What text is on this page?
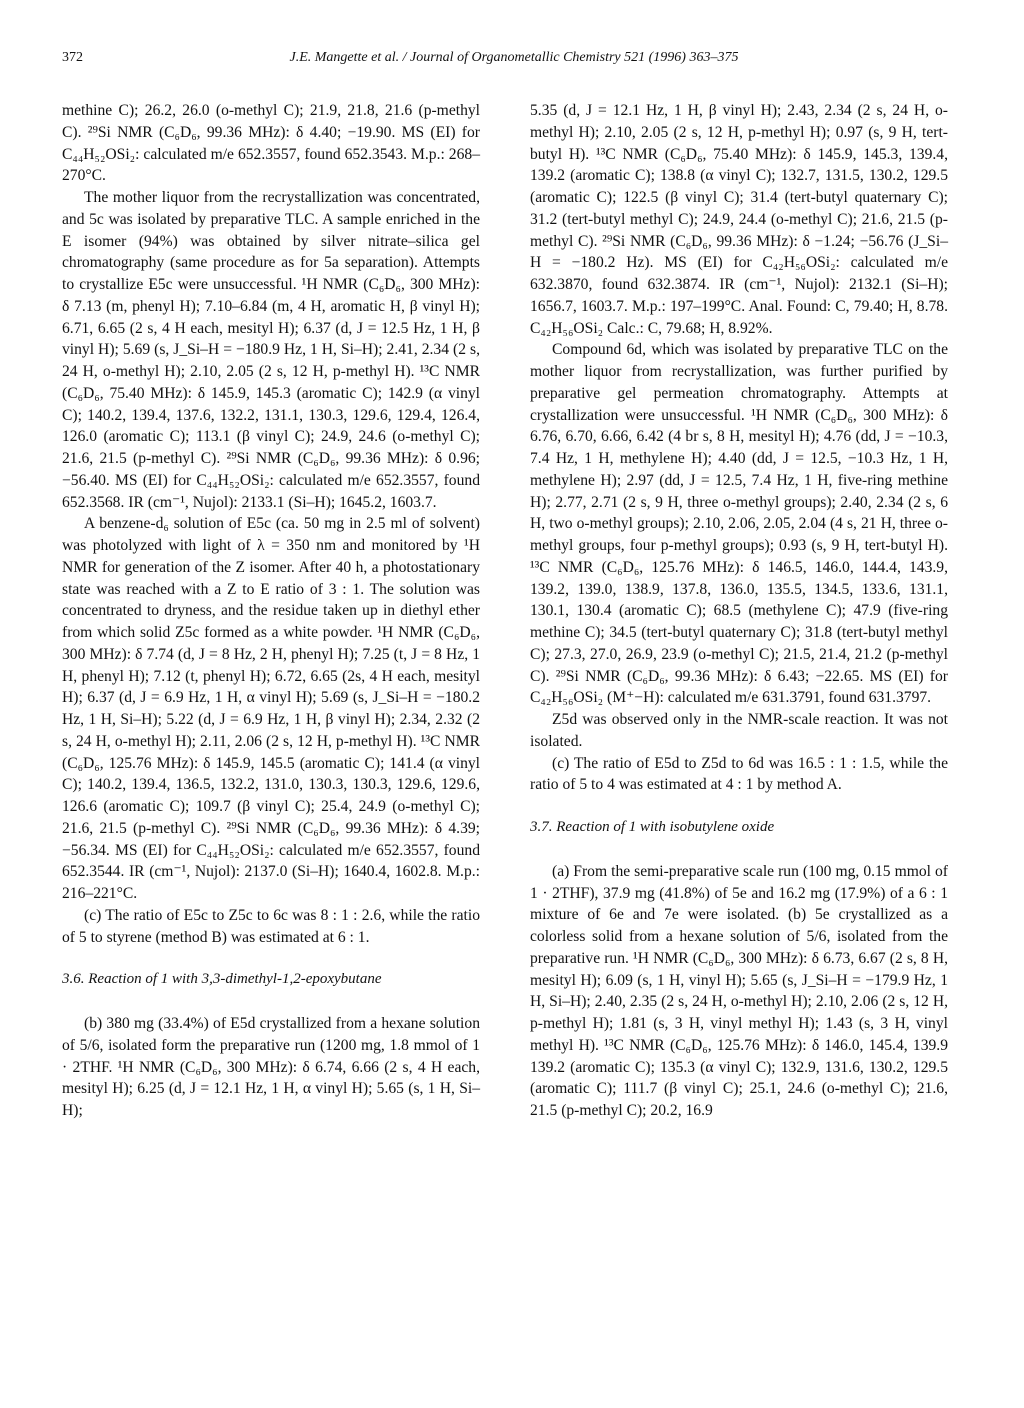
372	J.E. Mangette et al. / Journal of Organometallic Chemistry 521 (1996) 363–375

methine C); 26.2, 26.0 (o-methyl C); 21.9, 21.8, 21.6 (p-methyl C). ²⁹Si NMR (C₆D₆, 99.36 MHz): δ 4.40; −19.90. MS (EI) for C₄₄H₅₂OSi₂: calculated m/e 652.3557, found 652.3543. M.p.: 268–270°C.

The mother liquor from the recrystallization was concentrated, and 5c was isolated by preparative TLC. A sample enriched in the E isomer (94%) was obtained by silver nitrate–silica gel chromatography (same procedure as for 5a separation). Attempts to crystallize E5c were unsuccessful. ¹H NMR (C₆D₆, 300 MHz): δ 7.13 (m, phenyl H); 7.10–6.84 (m, 4 H, aromatic H, β vinyl H); 6.71, 6.65 (2 s, 4 H each, mesityl H); 6.37 (d, J = 12.5 Hz, 1 H, β vinyl H); 5.69 (s, J_Si–H = −180.9 Hz, 1 H, Si–H); 2.41, 2.34 (2 s, 24 H, o-methyl H); 2.10, 2.05 (2 s, 12 H, p-methyl H). ¹³C NMR (C₆D₆, 75.40 MHz): δ 145.9, 145.3 (aromatic C); 142.9 (α vinyl C); 140.2, 139.4, 137.6, 132.2, 131.1, 130.3, 129.6, 129.4, 126.4, 126.0 (aromatic C); 113.1 (β vinyl C); 24.9, 24.6 (o-methyl C); 21.6, 21.5 (p-methyl C). ²⁹Si NMR (C₆D₆, 99.36 MHz): δ 0.96; −56.40. MS (EI) for C₄₄H₅₂OSi₂: calculated m/e 652.3557, found 652.3568. IR (cm⁻¹, Nujol): 2133.1 (Si–H); 1645.2, 1603.7.

A benzene-d₆ solution of E5c (ca. 50 mg in 2.5 ml of solvent) was photolyzed with light of λ = 350 nm and monitored by ¹H NMR for generation of the Z isomer. After 40 h, a photostationary state was reached with a Z to E ratio of 3 : 1. The solution was concentrated to dryness, and the residue taken up in diethyl ether from which solid Z5c formed as a white powder. ¹H NMR (C₆D₆, 300 MHz): δ 7.74 (d, J = 8 Hz, 2 H, phenyl H); 7.25 (t, J = 8 Hz, 1 H, phenyl H); 7.12 (t, phenyl H); 6.72, 6.65 (2s, 4 H each, mesityl H); 6.37 (d, J = 6.9 Hz, 1 H, α vinyl H); 5.69 (s, J_Si–H = −180.2 Hz, 1 H, Si–H); 5.22 (d, J = 6.9 Hz, 1 H, β vinyl H); 2.34, 2.32 (2 s, 24 H, o-methyl H); 2.11, 2.06 (2 s, 12 H, p-methyl H). ¹³C NMR (C₆D₆, 125.76 MHz): δ 145.9, 145.5 (aromatic C); 141.4 (α vinyl C); 140.2, 139.4, 136.5, 132.2, 131.0, 130.3, 130.3, 129.6, 129.6, 126.6 (aromatic C); 109.7 (β vinyl C); 25.4, 24.9 (o-methyl C); 21.6, 21.5 (p-methyl C). ²⁹Si NMR (C₆D₆, 99.36 MHz): δ 4.39; −56.34. MS (EI) for C₄₄H₅₂OSi₂: calculated m/e 652.3557, found 652.3544. IR (cm⁻¹, Nujol): 2137.0 (Si–H); 1640.4, 1602.8. M.p.: 216–221°C.

(c) The ratio of E5c to Z5c to 6c was 8 : 1 : 2.6, while the ratio of 5 to styrene (method B) was estimated at 6 : 1.

3.6. Reaction of 1 with 3,3-dimethyl-1,2-epoxybutane

(b) 380 mg (33.4%) of E5d crystallized from a hexane solution of 5/6, isolated form the preparative run (1200 mg, 1.8 mmol of 1 · 2THF. ¹H NMR (C₆D₆, 300 MHz): δ 6.74, 6.66 (2 s, 4 H each, mesityl H); 6.25 (d, J = 12.1 Hz, 1 H, α vinyl H); 5.65 (s, 1 H, Si–H);

5.35 (d, J = 12.1 Hz, 1 H, β vinyl H); 2.43, 2.34 (2 s, 24 H, o-methyl H); 2.10, 2.05 (2 s, 12 H, p-methyl H); 0.97 (s, 9 H, tert-butyl H). ¹³C NMR (C₆D₆, 75.40 MHz): δ 145.9, 145.3, 139.4, 139.2 (aromatic C); 138.8 (α vinyl C); 132.7, 131.5, 130.2, 129.5 (aromatic C); 122.5 (β vinyl C); 31.4 (tert-butyl quaternary C); 31.2 (tert-butyl methyl C); 24.9, 24.4 (o-methyl C); 21.6, 21.5 (p-methyl C). ²⁹Si NMR (C₆D₆, 99.36 MHz): δ −1.24; −56.76 (J_Si–H = −180.2 Hz). MS (EI) for C₄₂H₅₆OSi₂: calculated m/e 632.3870, found 632.3874. IR (cm⁻¹, Nujol): 2132.1 (Si–H); 1656.7, 1603.7. M.p.: 197–199°C. Anal. Found: C, 79.40; H, 8.78. C₄₂H₅₆OSi₂ Calc.: C, 79.68; H, 8.92%.

Compound 6d, which was isolated by preparative TLC on the mother liquor from recrystallization, was further purified by preparative gel permeation chromatography. Attempts at crystallization were unsuccessful. ¹H NMR (C₆D₆, 300 MHz): δ 6.76, 6.70, 6.66, 6.42 (4 br s, 8 H, mesityl H); 4.76 (dd, J = −10.3, 7.4 Hz, 1 H, methylene H); 4.40 (dd, J = 12.5, −10.3 Hz, 1 H, methylene H); 2.97 (dd, J = 12.5, 7.4 Hz, 1 H, five-ring methine H); 2.77, 2.71 (2 s, 9 H, three o-methyl groups); 2.40, 2.34 (2 s, 6 H, two o-methyl groups); 2.10, 2.06, 2.05, 2.04 (4 s, 21 H, three o-methyl groups, four p-methyl groups); 0.93 (s, 9 H, tert-butyl H). ¹³C NMR (C₆D₆, 125.76 MHz): δ 146.5, 146.0, 144.4, 143.9, 139.2, 139.0, 138.9, 137.8, 136.0, 135.5, 134.5, 133.6, 131.1, 130.1, 130.4 (aromatic C); 68.5 (methylene C); 47.9 (five-ring methine C); 34.5 (tert-butyl quaternary C); 31.8 (tert-butyl methyl C); 27.3, 27.0, 26.9, 23.9 (o-methyl C); 21.5, 21.4, 21.2 (p-methyl C). ²⁹Si NMR (C₆D₆, 99.36 MHz): δ 6.43; −22.65. MS (EI) for C₄₂H₅₆OSi₂ (M⁺−H): calculated m/e 631.3791, found 631.3797.

Z5d was observed only in the NMR-scale reaction. It was not isolated.

(c) The ratio of E5d to Z5d to 6d was 16.5 : 1 : 1.5, while the ratio of 5 to 4 was estimated at 4 : 1 by method A.

3.7. Reaction of 1 with isobutylene oxide

(a) From the semi-preparative scale run (100 mg, 0.15 mmol of 1 · 2THF), 37.9 mg (41.8%) of 5e and 16.2 mg (17.9%) of a 6 : 1 mixture of 6e and 7e were isolated. (b) 5e crystallized as a colorless solid from a hexane solution of 5/6, isolated from the preparative run. ¹H NMR (C₆D₆, 300 MHz): δ 6.73, 6.67 (2 s, 8 H, mesityl H); 6.09 (s, 1 H, vinyl H); 5.65 (s, J_Si–H = −179.9 Hz, 1 H, Si–H); 2.40, 2.35 (2 s, 24 H, o-methyl H); 2.10, 2.06 (2 s, 12 H, p-methyl H); 1.81 (s, 3 H, vinyl methyl H); 1.43 (s, 3 H, vinyl methyl H). ¹³C NMR (C₆D₆, 125.76 MHz): δ 146.0, 145.4, 139.9 139.2 (aromatic C); 135.3 (α vinyl C); 132.9, 131.6, 130.2, 129.5 (aromatic C); 111.7 (β vinyl C); 25.1, 24.6 (o-methyl C); 21.6, 21.5 (p-methyl C); 20.2, 16.9
